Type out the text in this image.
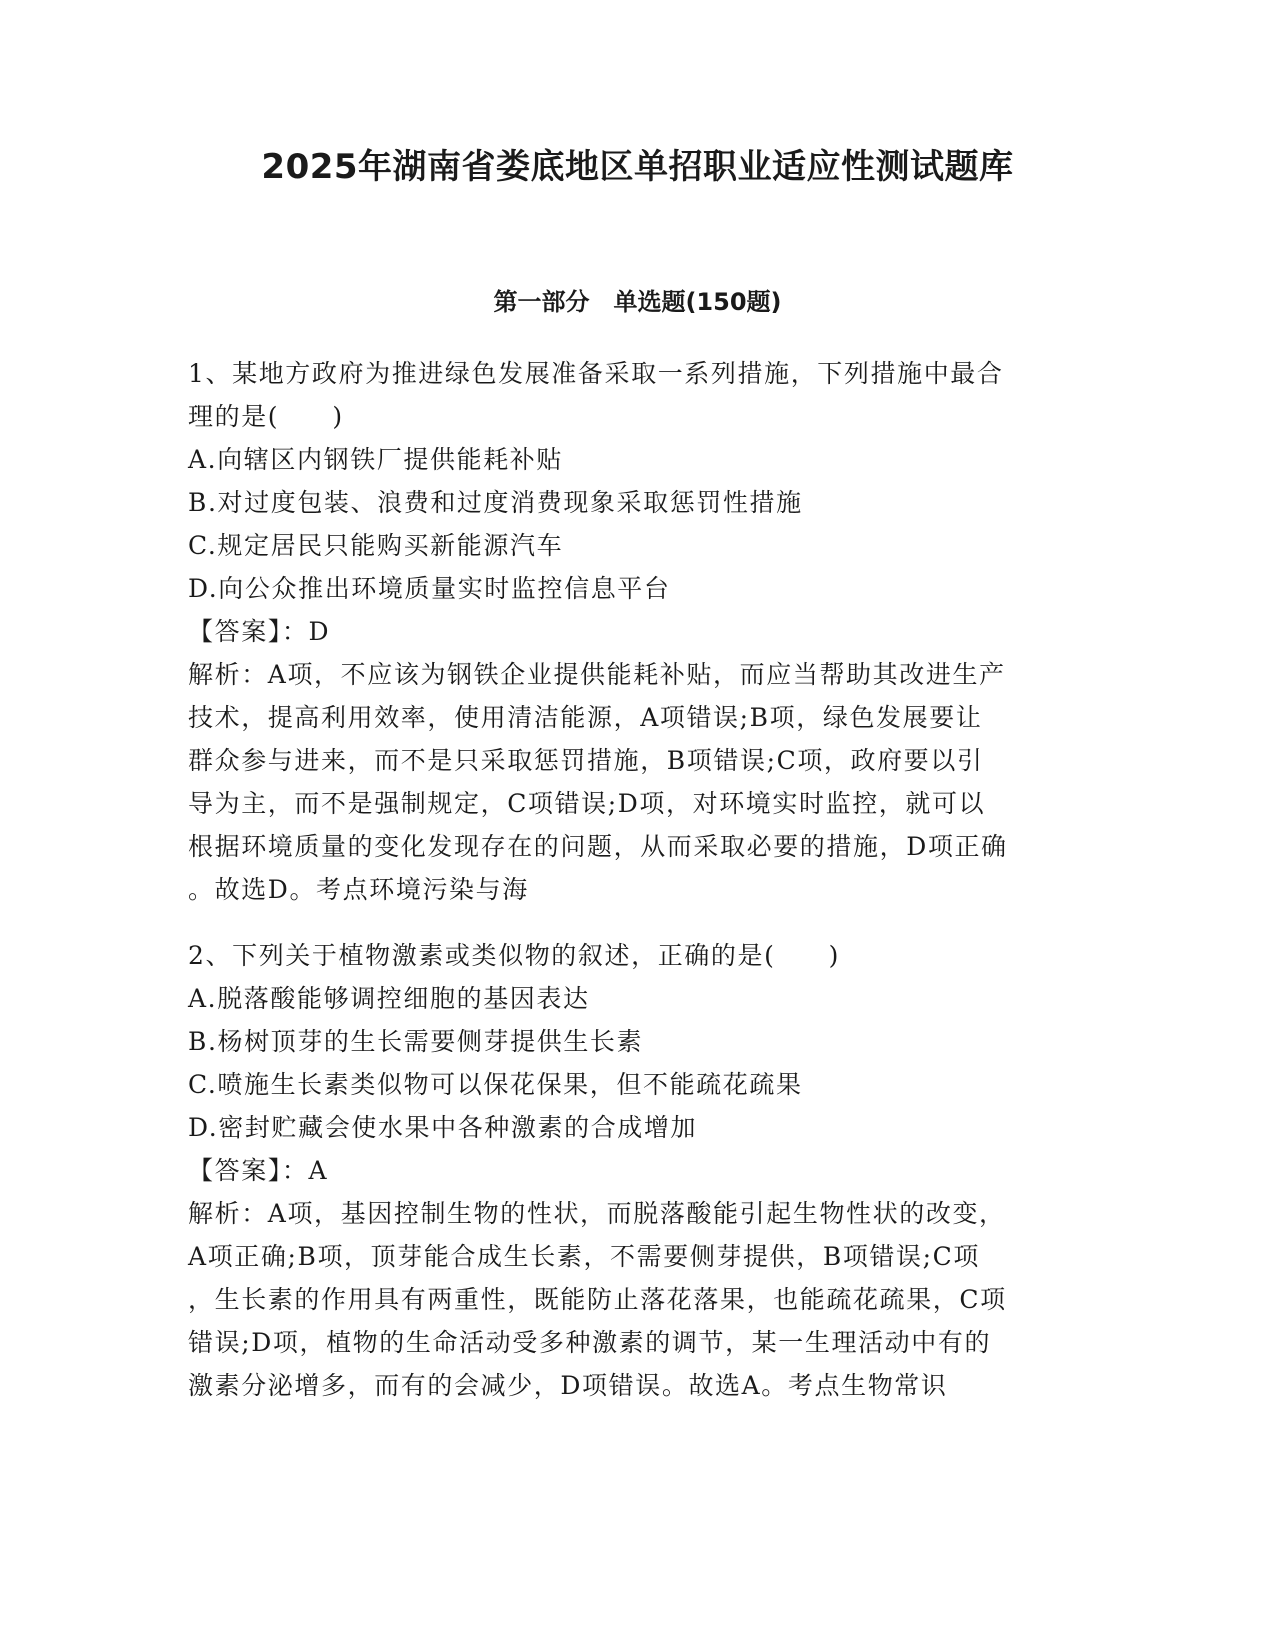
2025年湖南省娄底地区单招职业适应性测试题库
第一部分　单选题(150题)
1、某地方政府为推进绿色发展准备采取一系列措施，下列措施中最合
理的是(　　)
A.向辖区内钢铁厂提供能耗补贴
B.对过度包装、浪费和过度消费现象采取惩罚性措施
C.规定居民只能购买新能源汽车
D.向公众推出环境质量实时监控信息平台
【答案】：D
解析：A项，不应该为钢铁企业提供能耗补贴，而应当帮助其改进生产
技术，提高利用效率，使用清洁能源，A项错误;B项，绿色发展要让
群众参与进来，而不是只采取惩罚措施，B项错误;C项，政府要以引
导为主，而不是强制规定，C项错误;D项，对环境实时监控，就可以
根据环境质量的变化发现存在的问题，从而采取必要的措施，D项正确
。故选D。考点环境污染与海
2、下列关于植物激素或类似物的叙述，正确的是(　　)
A.脱落酸能够调控细胞的基因表达
B.杨树顶芽的生长需要侧芽提供生长素
C.喷施生长素类似物可以保花保果，但不能疏花疏果
D.密封贮藏会使水果中各种激素的合成增加
【答案】：A
解析：A项，基因控制生物的性状，而脱落酸能引起生物性状的改变，
A项正确;B项，顶芽能合成生长素，不需要侧芽提供，B项错误;C项
，生长素的作用具有两重性，既能防止落花落果，也能疏花疏果，C项
错误;D项，植物的生命活动受多种激素的调节，某一生理活动中有的
激素分泌增多，而有的会减少，D项错误。故选A。考点生物常识
